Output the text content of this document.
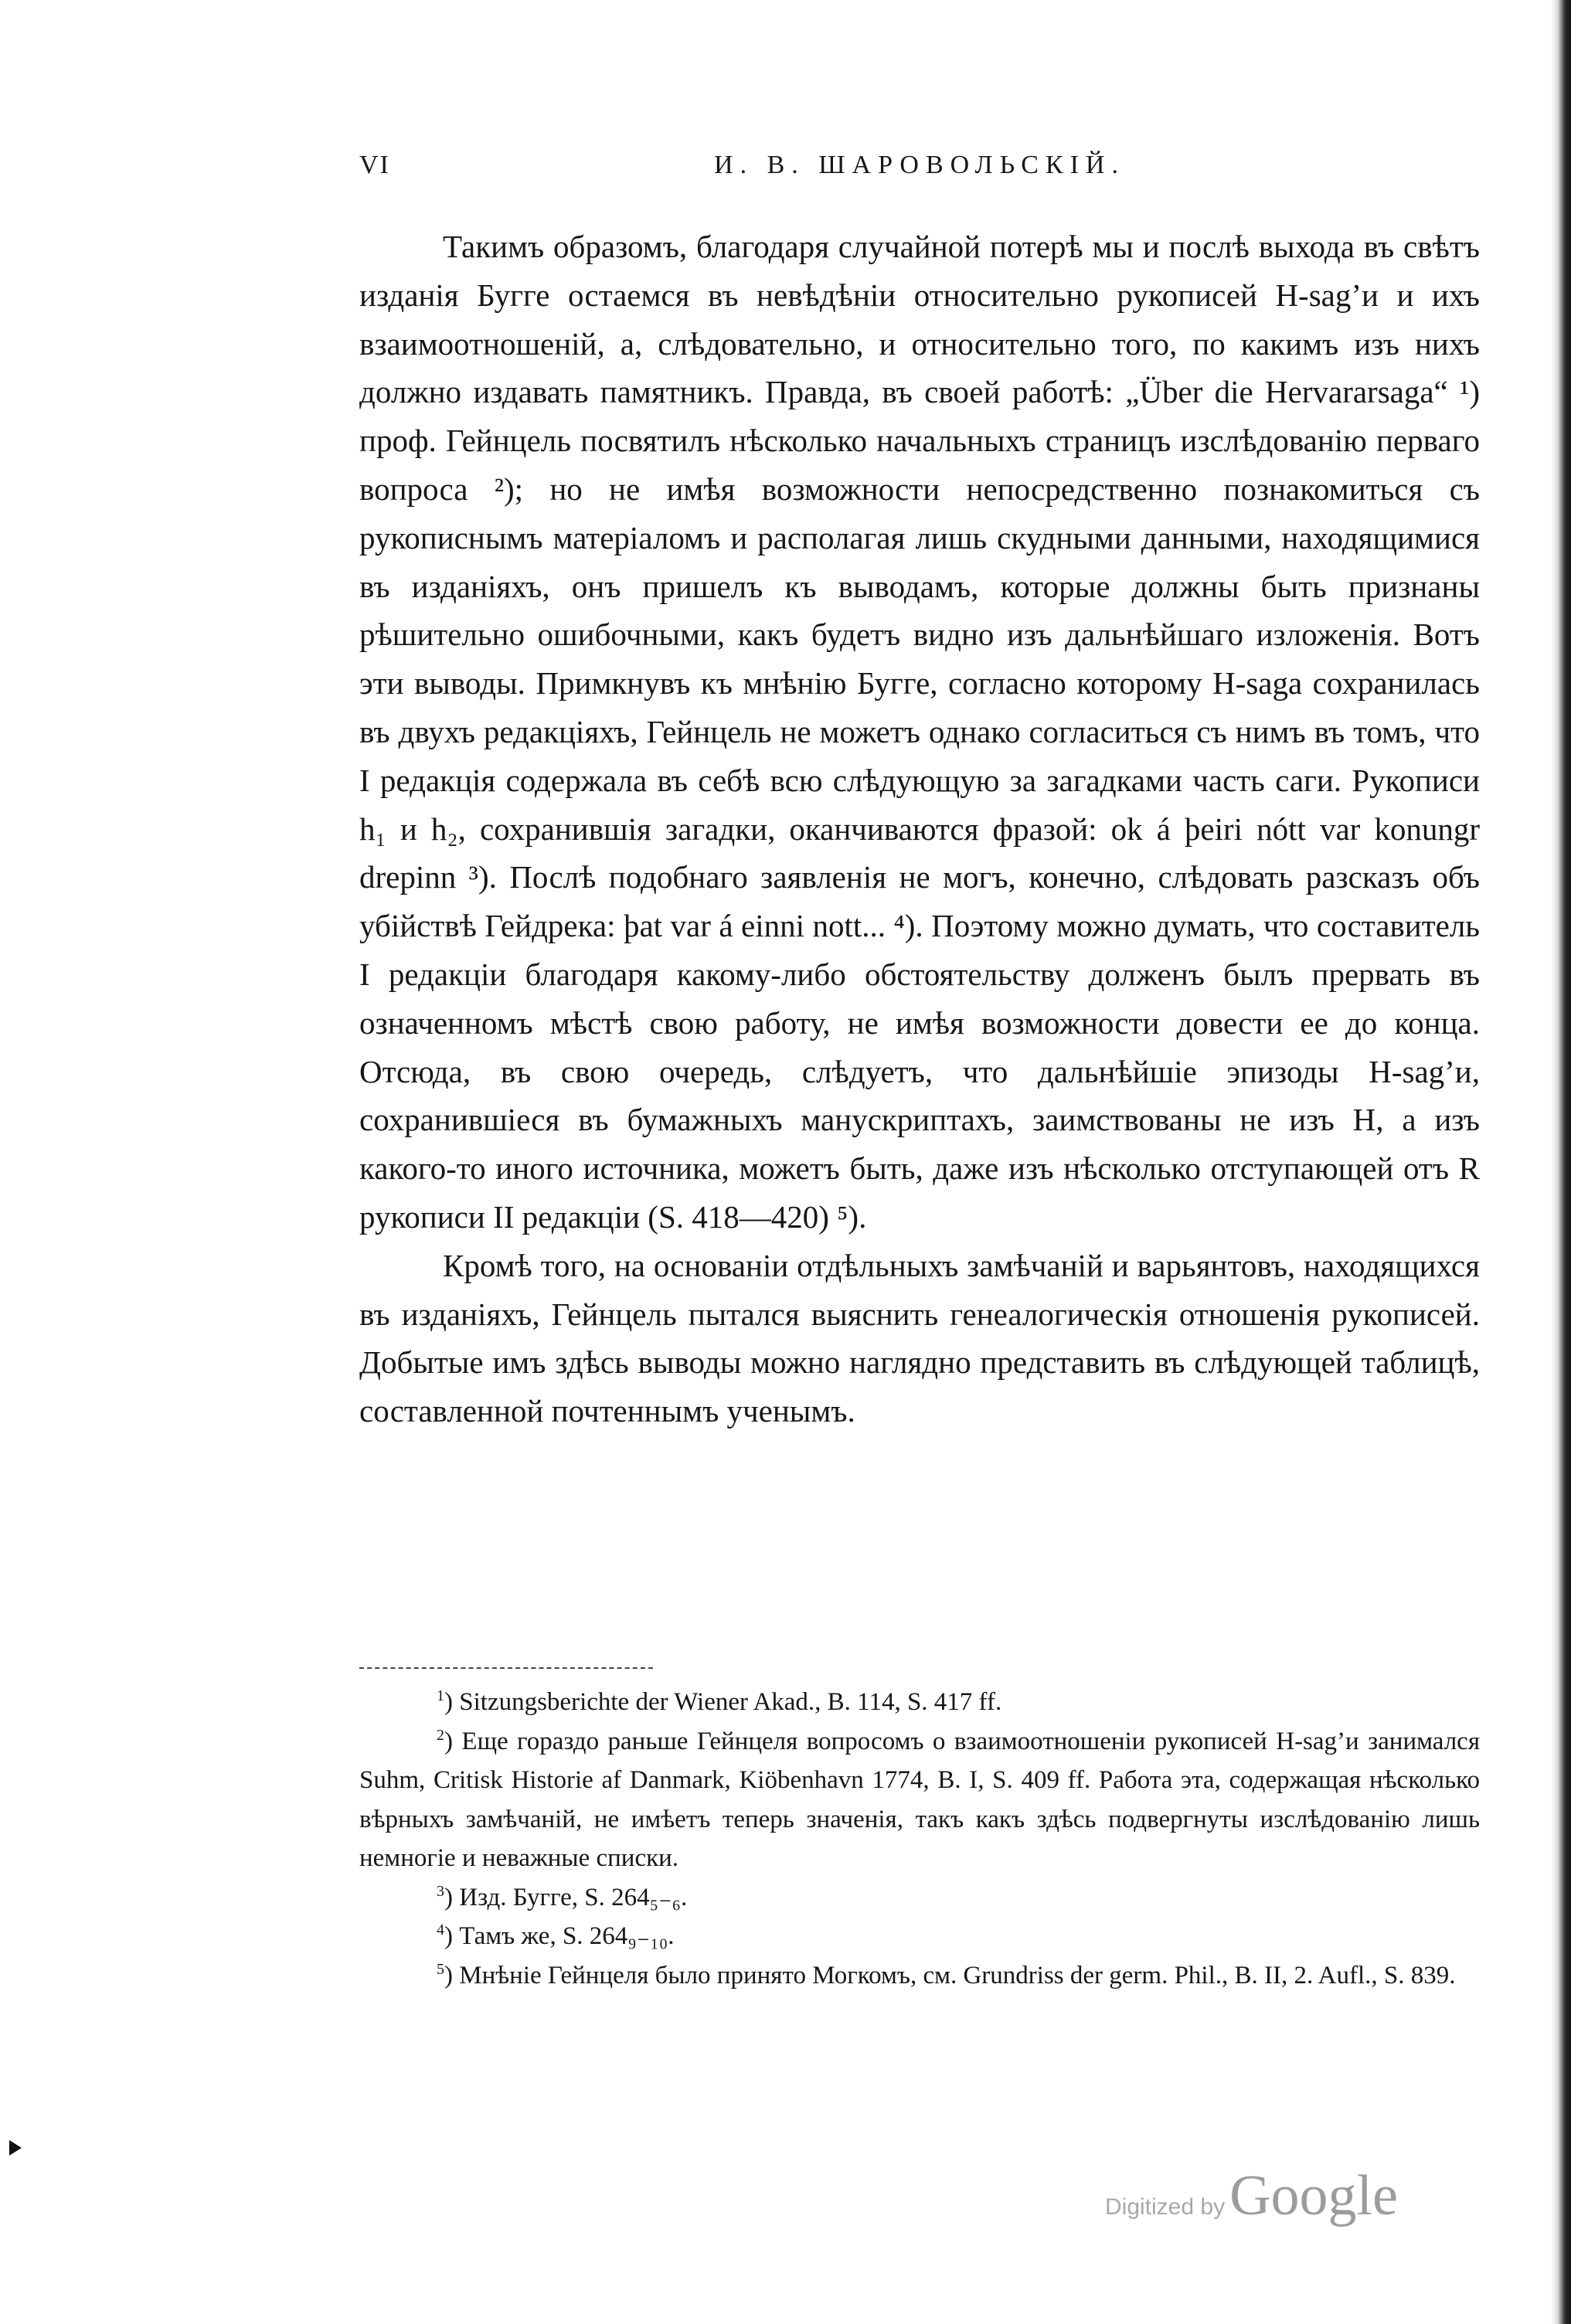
VI	И. В. ШАРОВОЛЬСКІЙ.

Такимъ образомъ, благодаря случайной потерѣ мы и послѣ выхода въ свѣтъ изданія Бугге остаемся въ невѣдѣніи относительно рукописей H-sag’и и ихъ взаимоотношеній, а, слѣдовательно, и относительно того, по какимъ изъ нихъ должно издавать памятникъ. Правда, въ своей работѣ: „Über die Hervararsaga“ ¹) проф. Гейнцель посвятилъ нѣсколько начальныхъ страницъ изслѣдованію перваго вопроса ²); но не имѣя возможности непосредственно познакомиться съ рукописнымъ матеріаломъ и располагая лишь скудными данными, находящимися въ изданіяхъ, онъ пришелъ къ выводамъ, которые должны быть признаны рѣшительно ошибочными, какъ будетъ видно изъ дальнѣйшаго изложенія. Вотъ эти выводы. Примкнувъ къ мнѣнію Бугге, согласно которому H-saga сохранилась въ двухъ редакціяхъ, Гейнцель не можетъ однако согласиться съ нимъ въ томъ, что I редакція содержала въ себѣ всю слѣдующую за загадками часть саги. Рукописи h₁ и h₂, сохранившія загадки, оканчиваются фразой: ok á þeiri nótt var konungr drepinn ³). Послѣ подобнаго заявленія не могъ, конечно, слѣдовать разсказъ объ убійствѣ Гейдрека: þat var á einni nott... ⁴). Поэтому можно думать, что составитель I редакціи благодаря какому-либо обстоятельству долженъ былъ прервать въ означенномъ мѣстѣ свою работу, не имѣя возможности довести ее до конца. Отсюда, въ свою очередь, слѣдуетъ, что дальнѣйшіе эпизоды H-sag’и, сохранившіеся въ бумажныхъ манускриптахъ, заимствованы не изъ H, а изъ какого-то иного источника, можетъ быть, даже изъ нѣсколько отступающей отъ R рукописи II редакціи (S. 418—420) ⁵).

Кромѣ того, на основаніи отдѣльныхъ замѣчаній и варьянтовъ, находящихся въ изданіяхъ, Гейнцель пытался выяснить генеалогическія отношенія рукописей. Добытые имъ здѣсь выводы можно наглядно представить въ слѣдующей таблицѣ, составленной почтеннымъ ученымъ.

$^1$) Sitzungsberichte der Wiener Akad., B. 114, S. 417 ff.

$^2$) Еще гораздо раньше Гейнцеля вопросомъ о взаимоотношеніи рукописей H-sag’и занимался Suhm, Critisk Historie af Danmark, Kiöbenhavn 1774, B. I, S. 409 ff. Работа эта, содержащая нѣсколько вѣрныхъ замѣчаній, не имѣетъ теперь значенія, такъ какъ здѣсь подвергнуты изслѣдованію лишь немногіе и неважные списки.

$^3$) Изд. Бугге, S. 264₅₋₆.

$^4$) Тамъ же, S. 264₉₋₁₀.

$^5$) Мнѣніе Гейнцеля было принято Могкомъ, см. Grundriss der germ. Phil., B. II, 2. Aufl., S. 839.

Digitized byGoogle
